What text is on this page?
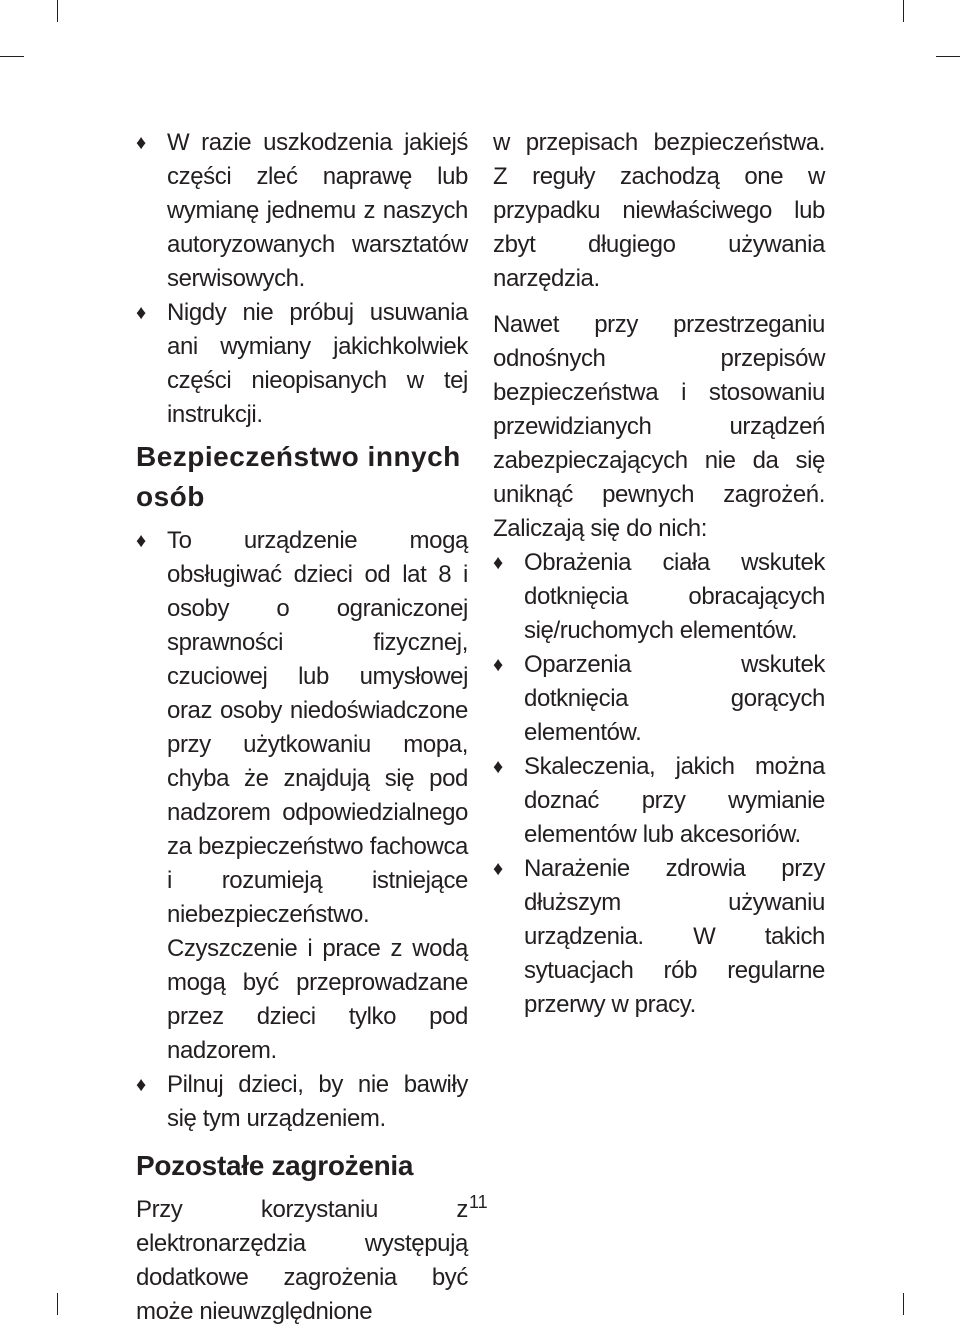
♦ W razie uszkodzenia jakiejś części zleć naprawę lub wymianę jednemu z naszych autoryzowanych warsztatów serwisowych.
♦ Nigdy nie próbuj usuwania ani wymiany jakichkolwiek części nieopisanych w tej instrukcji.
Bezpieczeństwo innych osób
♦ To urządzenie mogą obsługiwać dzieci od lat 8 i osoby o ograniczonej sprawności fizycznej, czuciowej lub umysłowej oraz osoby niedoświadczone przy użytkowaniu mopa, chyba że znajdują się pod nadzorem odpowiedzialnego za bezpieczeństwo fachowca i rozumieją istniejące niebezpieczeństwo. Czyszczenie i prace z wodą mogą być przeprowadzane przez dzieci tylko pod nadzorem.
♦ Pilnuj dzieci, by nie bawiły się tym urządzeniem.
Pozostałe zagrożenia
Przy korzystaniu z elektronarzędzia występują dodatkowe zagrożenia być może nieuwzględnione
w przepisach bezpieczeństwa. Z reguły zachodzą one w przypadku niewłaściwego lub zbyt długiego używania narzędzia.
Nawet przy przestrzeganiu odnośnych przepisów bezpieczeństwa i stosowaniu przewidzianych urządzeń zabezpieczających nie da się uniknąć pewnych zagrożeń. Zaliczają się do nich:
♦ Obrażenia ciała wskutek dotknięcia obracających się/ruchomych elementów.
♦ Oparzenia wskutek dotknięcia gorących elementów.
♦ Skaleczenia, jakich można doznać przy wymianie elementów lub akcesoriów.
♦ Narażenie zdrowia przy dłuższym używaniu urządzenia. W takich sytuacjach rób regularne przerwy w pracy.
11
